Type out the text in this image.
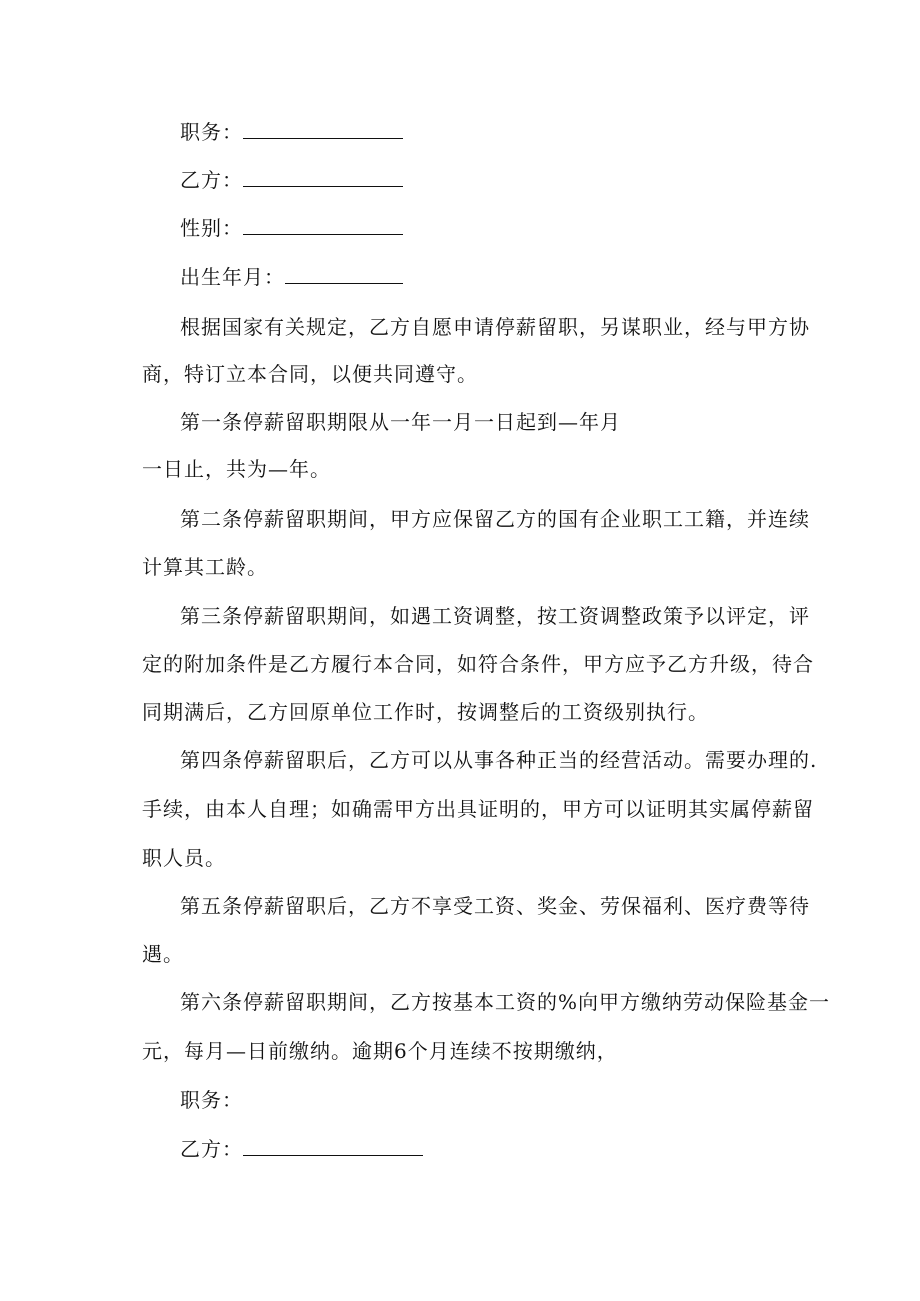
职务：
乙方：
性别：
出生年月：
根据国家有关规定，乙方自愿申请停薪留职，另谋职业，经与甲方协
商，特订立本合同，以便共同遵守。
第一条停薪留职期限从一年一月一日起到—年月
一日止，共为—年。
第二条停薪留职期间，甲方应保留乙方的国有企业职工工籍，并连续
计算其工龄。
第三条停薪留职期间，如遇工资调整，按工资调整政策予以评定，评
定的附加条件是乙方履行本合同，如符合条件，甲方应予乙方升级，待合
同期满后，乙方回原单位工作时，按调整后的工资级别执行。
第四条停薪留职后，乙方可以从事各种正当的经营活动。需要办理的.
手续，由本人自理；如确需甲方出具证明的，甲方可以证明其实属停薪留
职人员。
第五条停薪留职后，乙方不享受工资、奖金、劳保福利、医疗费等待
遇。
第六条停薪留职期间，乙方按基本工资的%向甲方缴纳劳动保险基金一
元，每月—日前缴纳。逾期6个月连续不按期缴纳，
职务：
乙方：
